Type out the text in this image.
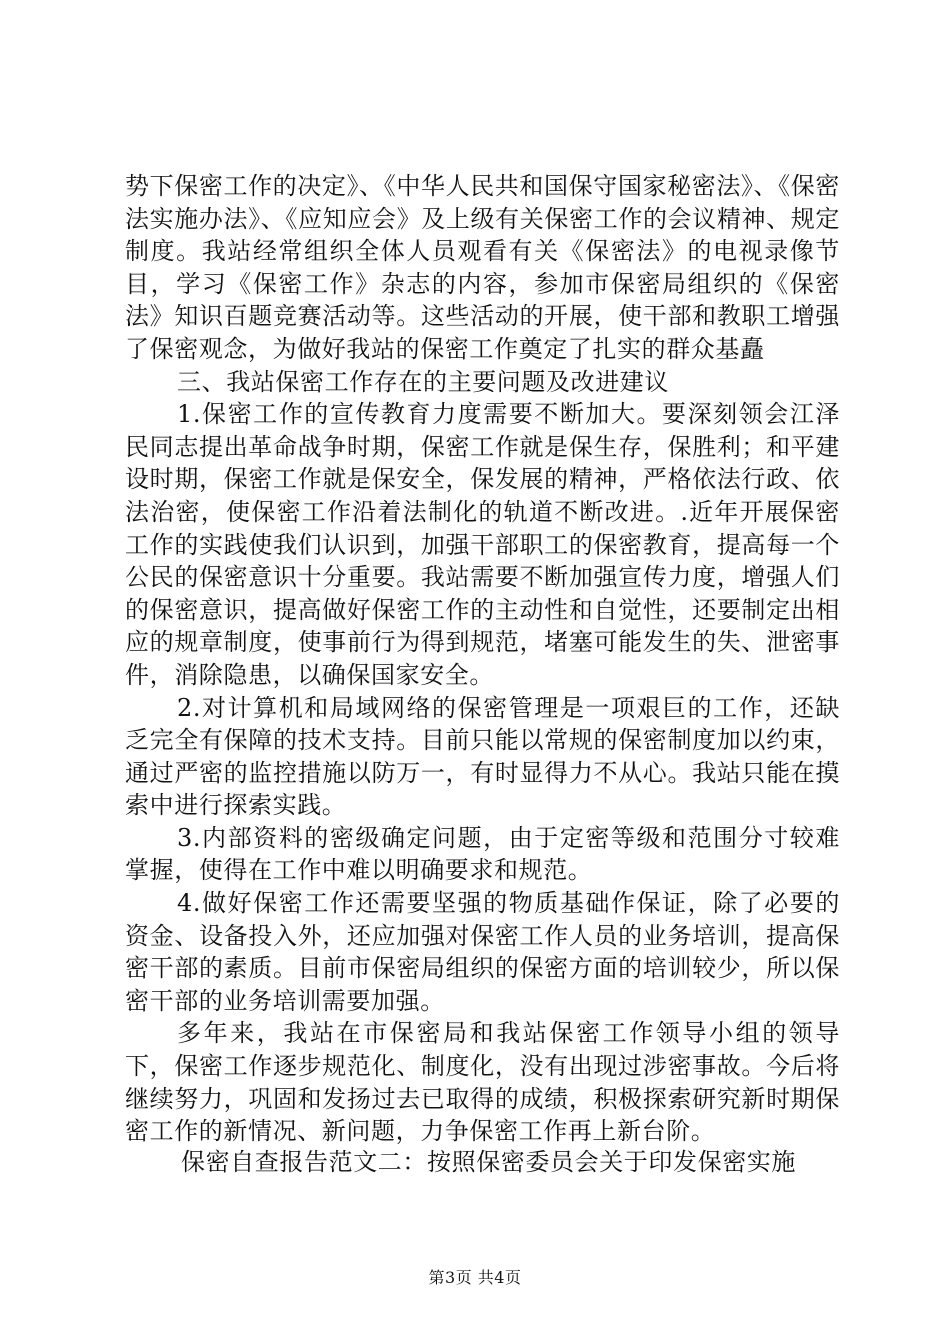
势下保密工作的决定》、《中华人民共和国保守国家秘密法》、《保密法实施办法》、《应知应会》及上级有关保密工作的会议精神、规定制度。我站经常组织全体人员观看有关《保密法》的电视录像节目，学习《保密工作》杂志的内容，参加市保密局组织的《保密法》知识百题竞赛活动等。这些活动的开展，使干部和教职工增强了保密观念，为做好我站的保密工作奠定了扎实的群众基矗

三、我站保密工作存在的主要问题及改进建议

1.保密工作的宣传教育力度需要不断加大。要深刻领会江泽民同志提出革命战争时期，保密工作就是保生存，保胜利；和平建设时期，保密工作就是保安全，保发展的精神，严格依法行政、依法治密，使保密工作沿着法制化的轨道不断改进。.近年开展保密工作的实践使我们认识到，加强干部职工的保密教育，提高每一个公民的保密意识十分重要。我站需要不断加强宣传力度，增强人们的保密意识，提高做好保密工作的主动性和自觉性，还要制定出相应的规章制度，使事前行为得到规范，堵塞可能发生的失、泄密事件，消除隐患，以确保国家安全。

2.对计算机和局域网络的保密管理是一项艰巨的工作，还缺乏完全有保障的技术支持。目前只能以常规的保密制度加以约束，通过严密的监控措施以防万一，有时显得力不从心。我站只能在摸索中进行探索实践。

3.内部资料的密级确定问题，由于定密等级和范围分寸较难掌握，使得在工作中难以明确要求和规范。

4.做好保密工作还需要坚强的物质基础作保证，除了必要的资金、设备投入外，还应加强对保密工作人员的业务培训，提高保密干部的素质。目前市保密局组织的保密方面的培训较少，所以保密干部的业务培训需要加强。

多年来，我站在市保密局和我站保密工作领导小组的领导下，保密工作逐步规范化、制度化，没有出现过涉密事故。今后将继续努力，巩固和发扬过去已取得的成绩，积极探索研究新时期保密工作的新情况、新问题，力争保密工作再上新台阶。

保密自查报告范文二：按照保密委员会关于印发保密实施
第3页 共4页
